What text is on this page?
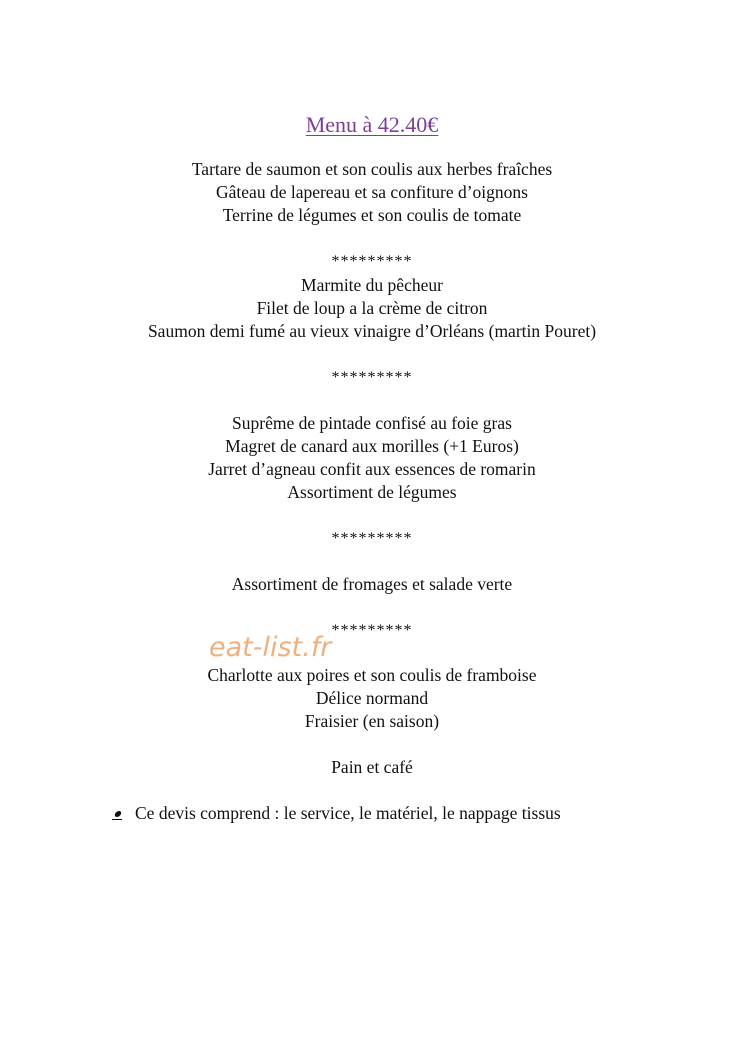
Menu à 42.40€
Tartare de saumon et son coulis aux herbes fraîches
Gâteau de lapereau et sa confiture d’oignons
Terrine de légumes et son coulis de tomate
*********
Marmite du pêcheur
Filet de loup a la crème de citron
Saumon demi fumé au vieux vinaigre d’Orléans (martin Pouret)
*********
Suprême de pintade confisé au foie gras
Magret de canard aux morilles (+1 Euros)
Jarret d’agneau confit aux essences de romarin
Assortiment de légumes
*********
Assortiment de fromages et salade verte
*********
eat-list.fr
Charlotte aux poires et son coulis de framboise
Délice normand
Fraisier (en saison)
Pain et café
Ce devis comprend : le service, le matériel, le nappage tissus
